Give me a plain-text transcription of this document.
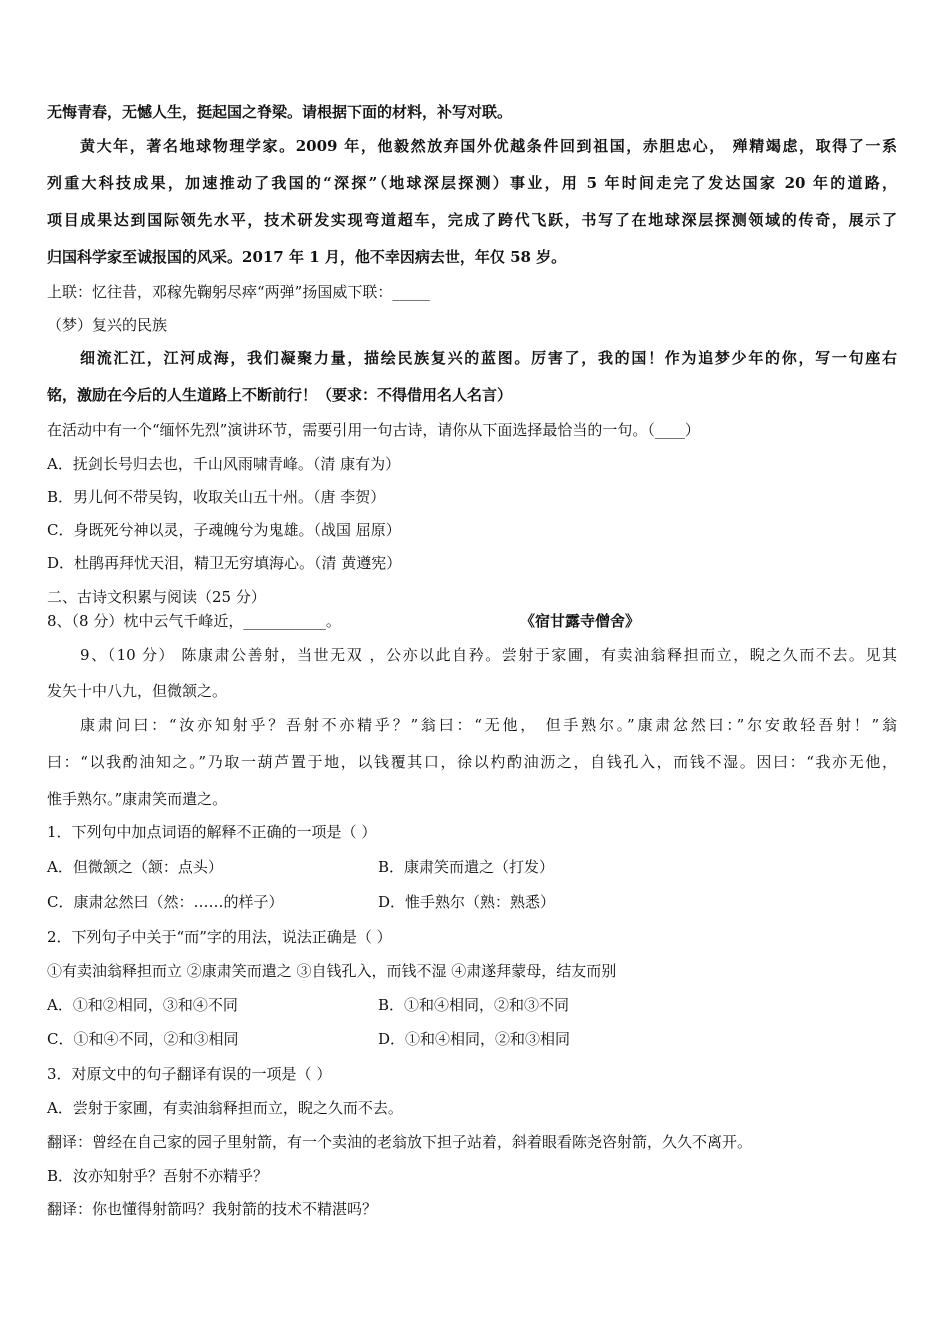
无悔青春，无憾人生，挺起国之脊梁。请根据下面的材料，补写对联。
黄大年，著名地球物理学家。2009 年，他毅然放弃国外优越条件回到祖国，赤胆忠心， 殚精竭虑，取得了一系
列重大科技成果，加速推动了我国的“深探”（地球深层探测）事业，用 5 年时间走完了发达国家 20 年的道路，
项目成果达到国际领先水平，技术研发实现弯道超车，完成了跨代飞跃，书写了在地球深层探测领域的传奇，展示了
归国科学家至诚报国的风采。2017 年 1 月，他不幸因病去世，年仅 58 岁。
上联：忆往昔，邓稼先鞠躬尽瘁“两弹”扬国威下联：_____
（梦）复兴的民族
细流汇江，江河成海，我们凝聚力量，描绘民族复兴的蓝图。厉害了，我的国！作为追梦少年的你，写一句座右
铭，激励在今后的人生道路上不断前行！（要求：不得借用名人名言）
在活动中有一个“缅怀先烈”演讲环节，需要引用一句古诗，请你从下面选择最恰当的一句。（____）
A．抚剑长号归去也，千山风雨啸青峰。（清 康有为）
B．男儿何不带吴钩，收取关山五十州。（唐 李贺）
C．身既死兮神以灵，子魂魄兮为鬼雄。（战国 屈原）
D．杜鹃再拜忧天泪，精卫无穷填海心。（清 黄遵宪）
二、古诗文积累与阅读（25 分）
8、（8 分）枕中云气千峰近，___________。	《宿甘露寺僧舍》
9、（10 分） 陈康肃公善射，当世无双 ，公亦以此自矜。尝射于家圃，有卖油翁释担而立，睨之久而不去。见其
发矢十中八九，但微颔之。
康肃问曰：“汝亦知射乎？吾射不亦精乎？”翁曰：“无他， 但手熟尔。”康肃忿然曰：”尔安敢轻吾射！”翁
曰：“以我酌油知之。”乃取一葫芦置于地，以钱覆其口，徐以杓酌油沥之，自钱孔入，而钱不湿。因曰：“我亦无他，
惟手熟尔。”康肃笑而遣之。
1．下列句中加点词语的解释不正确的一项是（ ）
A．但微颔之（颔：点头）	B．康肃笑而遣之（打发）
C．康肃忿然曰（然：……的样子）	D．惟手熟尔（熟：熟悉）
2．下列句子中关于“而”字的用法，说法正确是（ ）
①有卖油翁释担而立 ②康肃笑而遣之 ③自钱孔入，而钱不湿 ④肃遂拜蒙母，结友而别
A．①和②相同，③和④不同	B．①和④相同，②和③不同
C．①和④不同，②和③相同	D．①和④相同，②和③相同
3．对原文中的句子翻译有误的一项是（ ）
A．尝射于家圃，有卖油翁释担而立，睨之久而不去。
翻译：曾经在自己家的园子里射箭，有一个卖油的老翁放下担子站着，斜着眼看陈尧咨射箭，久久不离开。
B．汝亦知射乎？吾射不亦精乎？
翻译：你也懂得射箭吗？我射箭的技术不精湛吗？
